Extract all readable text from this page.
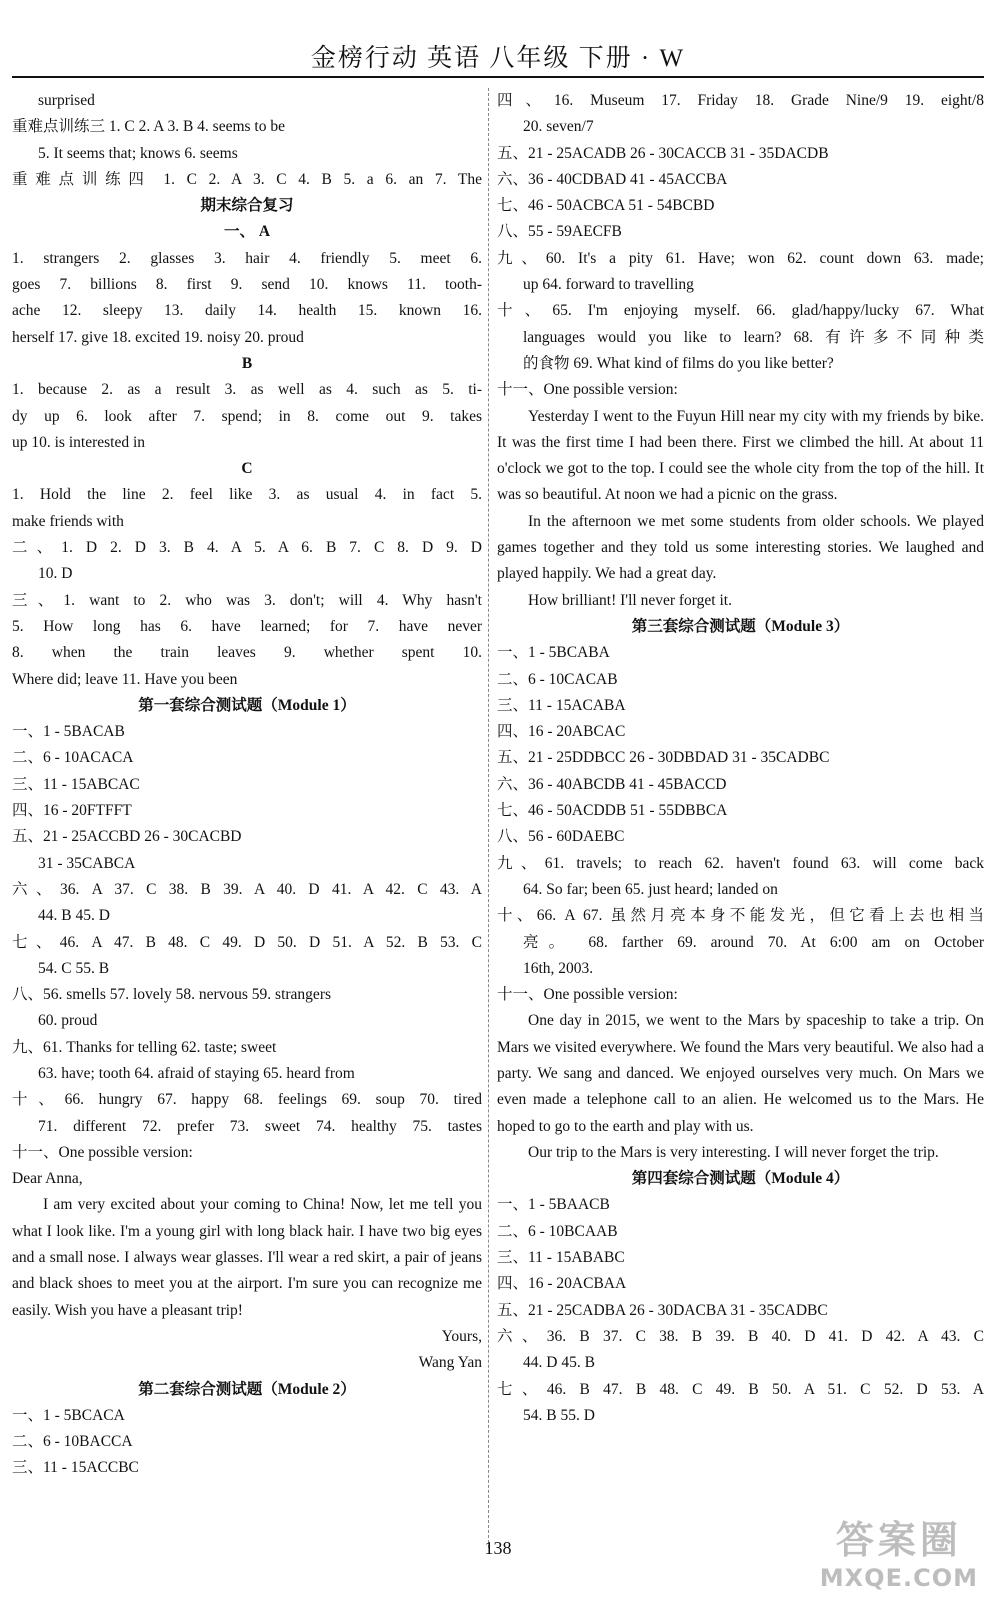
金榜行动 英语 八年级 下册 · W
surprised
重难点训练三 1. C 2. A 3. B 4. seems to be
5. It seems that; knows 6. seems
重难点训练四 1. C 2. A 3. C 4. B 5. a 6. an 7. The
期末综合复习
一、 A
1. strangers 2. glasses 3. hair 4. friendly 5. meet 6.
goes 7. billions 8. first 9. send 10. knows 11. tooth-
ache 12. sleepy 13. daily 14. health 15. known 16.
herself 17. give 18. excited 19. noisy 20. proud
B
1. because 2. as a result 3. as well as 4. such as 5. ti-
dy up 6. look after 7. spend; in 8. come out 9. takes
up 10. is interested in
C
1. Hold the line 2. feel like 3. as usual 4. in fact 5.
make friends with
二、1. D 2. D 3. B 4. A 5. A 6. B 7. C 8. D 9. D
10. D
三、1. want to 2. who was 3. don't; will 4. Why hasn't
5. How long has 6. have learned; for 7. have never
8. when the train leaves 9. whether spent 10.
Where did; leave 11. Have you been
第一套综合测试题（Module 1）
一、1 - 5BACAB
二、6 - 10ACACA
三、11 - 15ABCAC
四、16 - 20FTFFT
五、21 - 25ACCBD 26 - 30CACBD
31 - 35CABCA
六、36. A 37. C 38. B 39. A 40. D 41. A 42. C 43. A
44. B 45. D
七、46. A 47. B 48. C 49. D 50. D 51. A 52. B 53. C
54. C 55. B
八、56. smells 57. lovely 58. nervous 59. strangers
60. proud
九、61. Thanks for telling 62. taste; sweet
63. have; tooth 64. afraid of staying 65. heard from
十、66. hungry 67. happy 68. feelings 69. soup 70. tired
71. different 72. prefer 73. sweet 74. healthy 75. tastes
十一、One possible version:
Dear Anna,
I am very excited about your coming to China! Now, let me tell you what I look like. I'm a young girl with long black hair. I have two big eyes and a small nose. I always wear glasses. I'll wear a red skirt, a pair of jeans and black shoes to meet you at the airport. I'm sure you can recognize me easily. Wish you have a pleasant trip!
Yours,
Wang Yan
第二套综合测试题（Module 2）
一、1 - 5BCACA
二、6 - 10BACCA
三、11 - 15ACCBC
四、16. Museum 17. Friday 18. Grade Nine/9 19. eight/8
20. seven/7
五、21 - 25ACADB 26 - 30CACCB 31 - 35DACDB
六、36 - 40CDBAD 41 - 45ACCBA
七、46 - 50ACBCA 51 - 54BCBD
八、55 - 59AECFB
九、60. It's a pity 61. Have; won 62. count down 63. made;
up 64. forward to travelling
十、65. I'm enjoying myself. 66. glad/happy/lucky 67. What
languages would you like to learn? 68. 有许多不同种类
的食物 69. What kind of films do you like better?
十一、One possible version:
Yesterday I went to the Fuyun Hill near my city with my friends by bike. It was the first time I had been there. First we climbed the hill. At about 11 o'clock we got to the top. I could see the whole city from the top of the hill. It was so beautiful. At noon we had a picnic on the grass.
In the afternoon we met some students from older schools. We played games together and they told us some interesting stories. We laughed and played happily. We had a great day.
How brilliant! I'll never forget it.
第三套综合测试题（Module 3）
一、1 - 5BCABA
二、6 - 10CACAB
三、11 - 15ACABA
四、16 - 20ABCAC
五、21 - 25DDBCC 26 - 30DBDAD 31 - 35CADBC
六、36 - 40ABCDB 41 - 45BACCD
七、46 - 50ACDDB 51 - 55DBBCA
八、56 - 60DAEBC
九、61. travels; to reach 62. haven't found 63. will come back
64. So far; been 65. just heard; landed on
十、66. A 67. 虽然月亮本身不能发光，但它看上去也相当
亮。 68. farther 69. around 70. At 6:00 am on October
16th, 2003.
十一、One possible version:
One day in 2015, we went to the Mars by spaceship to take a trip. On Mars we visited everywhere. We found the Mars very beautiful. We also had a party. We sang and danced. We enjoyed ourselves very much. On Mars we even made a telephone call to an alien. He welcomed us to the Mars. He hoped to go to the earth and play with us.
Our trip to the Mars is very interesting. I will never forget the trip.
第四套综合测试题（Module 4）
一、1 - 5BAACB
二、6 - 10BCAAB
三、11 - 15ABABC
四、16 - 20ACBAA
五、21 - 25CADBA 26 - 30DACBA 31 - 35CADBC
六、36. B 37. C 38. B 39. B 40. D 41. D 42. A 43. C
44. D 45. B
七、46. B 47. B 48. C 49. B 50. A 51. C 52. D 53. A
54. B 55. D
138	答案圈
MXQE.COM
